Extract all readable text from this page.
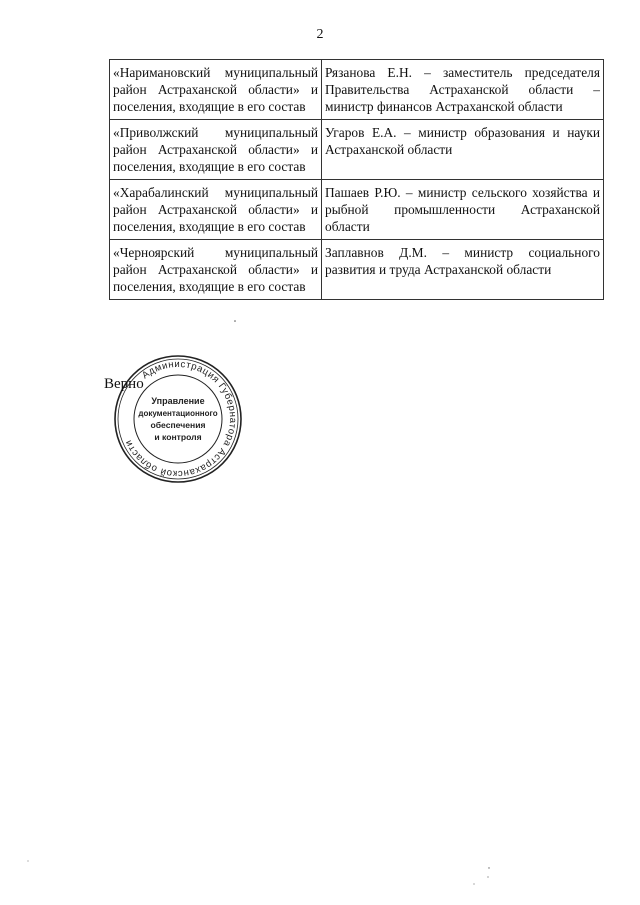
2
«Наримановский муниципальный район Астраханской области» и поселения, входящие в его состав	Рязанова Е.Н. – заместитель председателя Правительства Астраханской области – министр финансов Астраханской области
«Приволжский муниципальный район Астраханской области» и поселения, входящие в его состав	Угаров Е.А. – министр образования и науки Астраханской области
«Харабалинский муниципальный район Астраханской области» и поселения, входящие в его состав	Пашаев Р.Ю. – министр сельского хозяйства и рыбной промышленности Астраханской области
«Черноярский муниципальный район Астраханской области» и поселения, входящие в его состав	Заплавнов Д.М. – министр социального развития и труда Астраханской области
Администрация Губернатора Астраханской области
Управление
документационного
обеспечения
и контроля
Верно
